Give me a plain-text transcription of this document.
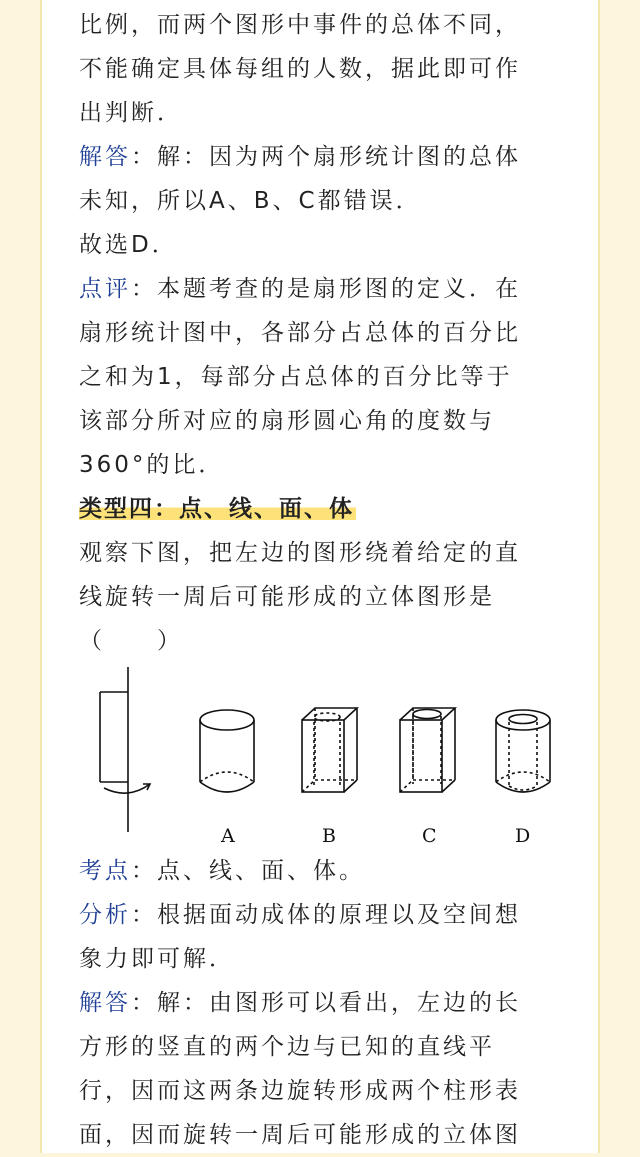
比例，而两个图形中事件的总体不同，
不能确定具体每组的人数，据此即可作
出判断．
解答：解：因为两个扇形统计图的总体
未知，所以A、B、C都错误．
故选D．
点评：本题考查的是扇形图的定义．在
扇形统计图中，各部分占总体的百分比
之和为1，每部分占总体的百分比等于
该部分所对应的扇形圆心角的度数与
360°的比．
类型四：点、线、面、体
观察下图，把左边的图形绕着给定的直
线旋转一周后可能形成的立体图形是
（　　）
A	B	C	D
考点：点、线、面、体。
分析：根据面动成体的原理以及空间想
象力即可解．
解答：解：由图形可以看出，左边的长
方形的竖直的两个边与已知的直线平
行，因而这两条边旋转形成两个柱形表
面，因而旋转一周后可能形成的立体图
